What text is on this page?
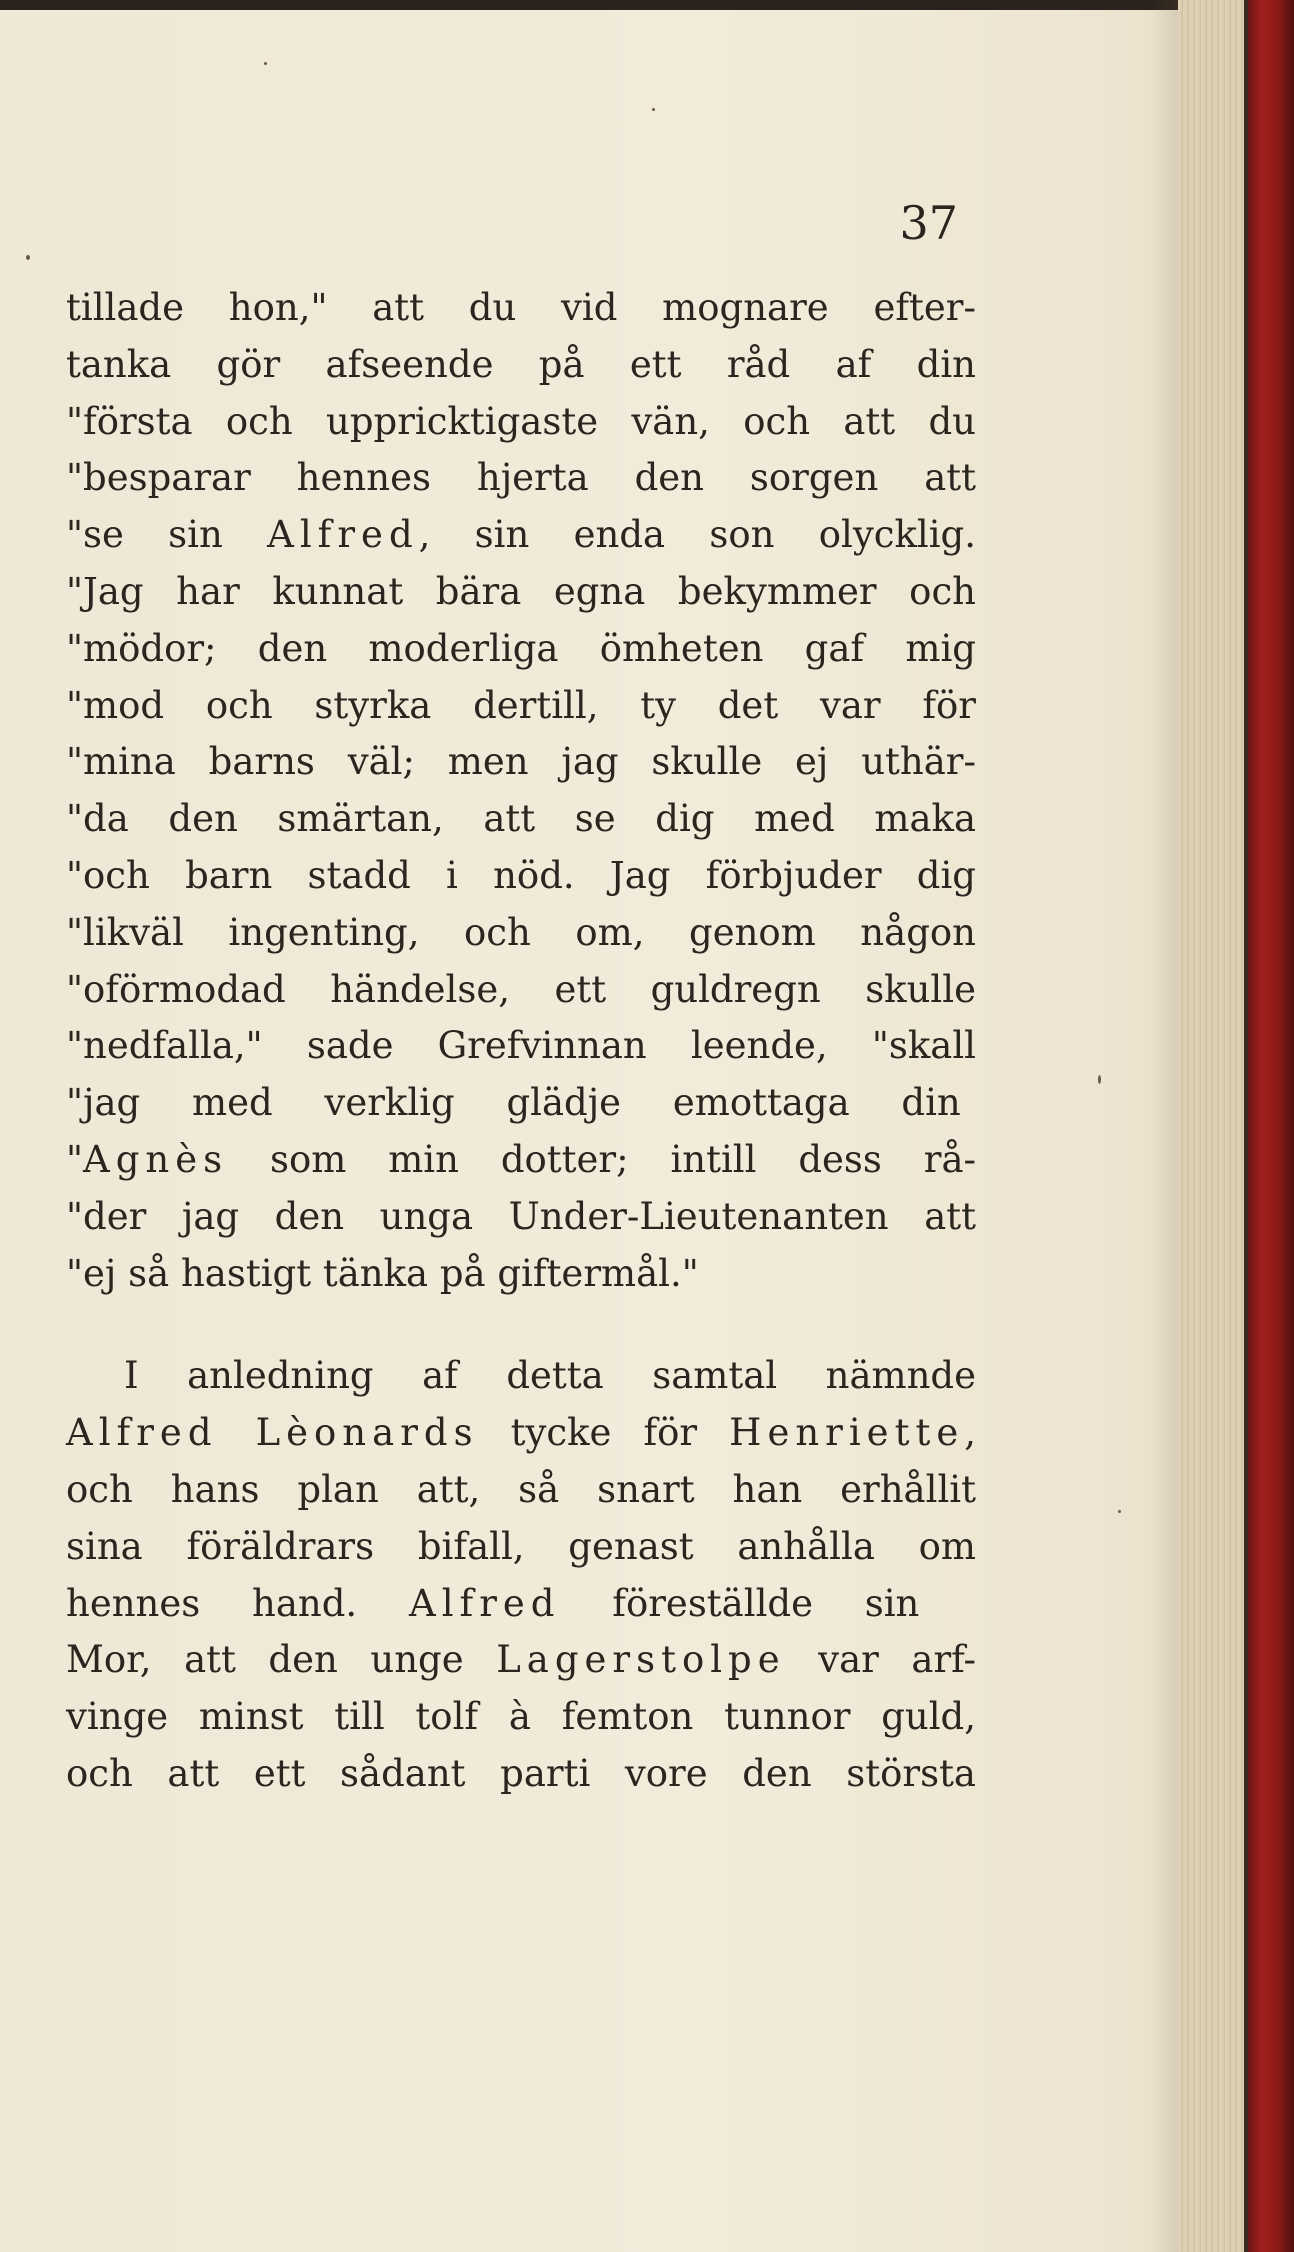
37
tillade hon," att du vid mognare efter-
tanka gör afseende på ett råd af din
"första och uppricktigaste vän, och att du
"besparar hennes hjerta den sorgen att
"se sin Alfred, sin enda son olycklig.
"Jag har kunnat bära egna bekymmer och
"mödor; den moderliga ömheten gaf mig
"mod och styrka dertill, ty det var för
"mina barns väl; men jag skulle ej uthär-
"da den smärtan, att se dig med maka
"och barn stadd i nöd. Jag förbjuder dig
"likväl ingenting, och om, genom någon
"oförmodad händelse, ett guldregn skulle
"nedfalla," sade Grefvinnan leende, "skall
"jag med verklig glädje emottaga din
"Agnès som min dotter; intill dess rå-
"der jag den unga Under-Lieutenanten att
"ej så hastigt tänka på giftermål."
I anledning af detta samtal nämnde
Alfred Lèonards tycke för Henriette,
och hans plan att, så snart han erhållit
sina föräldrars bifall, genast anhålla om
hennes hand. Alfred föreställde sin
Mor, att den unge Lagerstolpe var arf-
vinge minst till tolf à femton tunnor guld,
och att ett sådant parti vore den största
